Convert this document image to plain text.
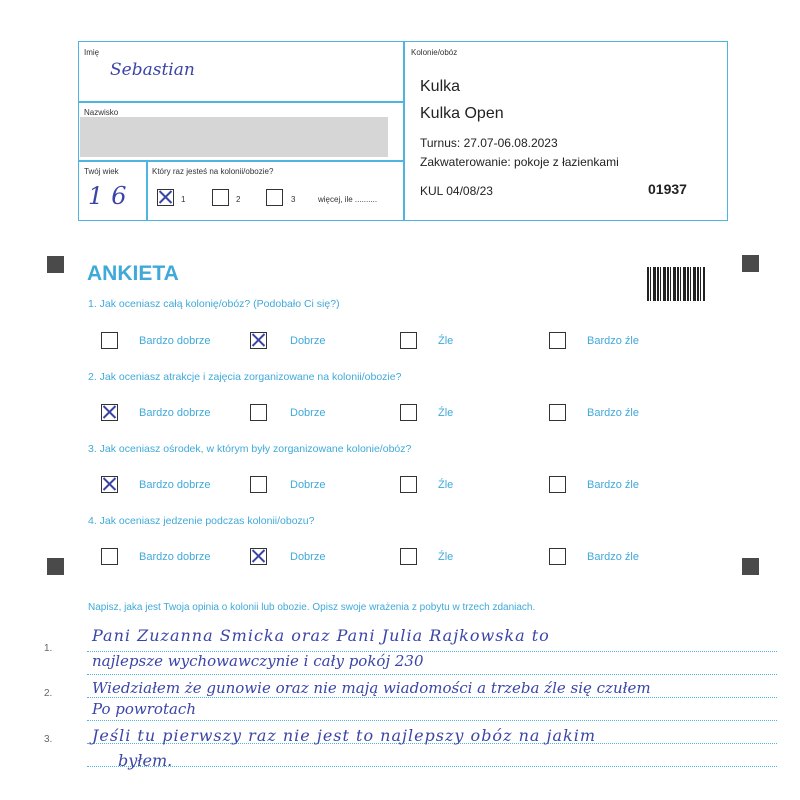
Imię
Sebastian
Nazwisko
Twój wiek
16
Który raz jesteś na kolonii/obozie?
1	2	3	więcej, ile ..........
Kolonie/obóz
Kulka
Kulka Open
Turnus: 27.07-06.08.2023
Zakwaterowanie: pokoje z łazienkami
KUL 04/08/23	01937
ANKIETA
1. Jak oceniasz całą kolonię/obóz? (Podobało Ci się?)
2. Jak oceniasz atrakcje i zajęcia zorganizowane na kolonii/obozie?
3. Jak oceniasz ośrodek, w którym były zorganizowane kolonie/obóz?
4. Jak oceniasz jedzenie podczas kolonii/obozu?
Bardzo dobrze	Dobrze	Źle	Bardzo źle
Bardzo dobrze	Dobrze	Źle	Bardzo źle
Bardzo dobrze	Dobrze	Źle	Bardzo źle
Bardzo dobrze	Dobrze	Źle	Bardzo źle
Napisz, jaka jest Twoja opinia o kolonii lub obozie. Opisz swoje wrażenia z pobytu w trzech zdaniach.
1.
2.
3.
Pani Zuzanna Smicka oraz Pani Julia Rajkowska to
najlepsze wychowawczynie i cały pokój 230
Wiedziałem że gunowie oraz nie mają wiadomości a trzeba źle się czułem
Po powrotach
Jeśli tu pierwszy raz nie jest to najlepszy obóz na jakim
byłem.
